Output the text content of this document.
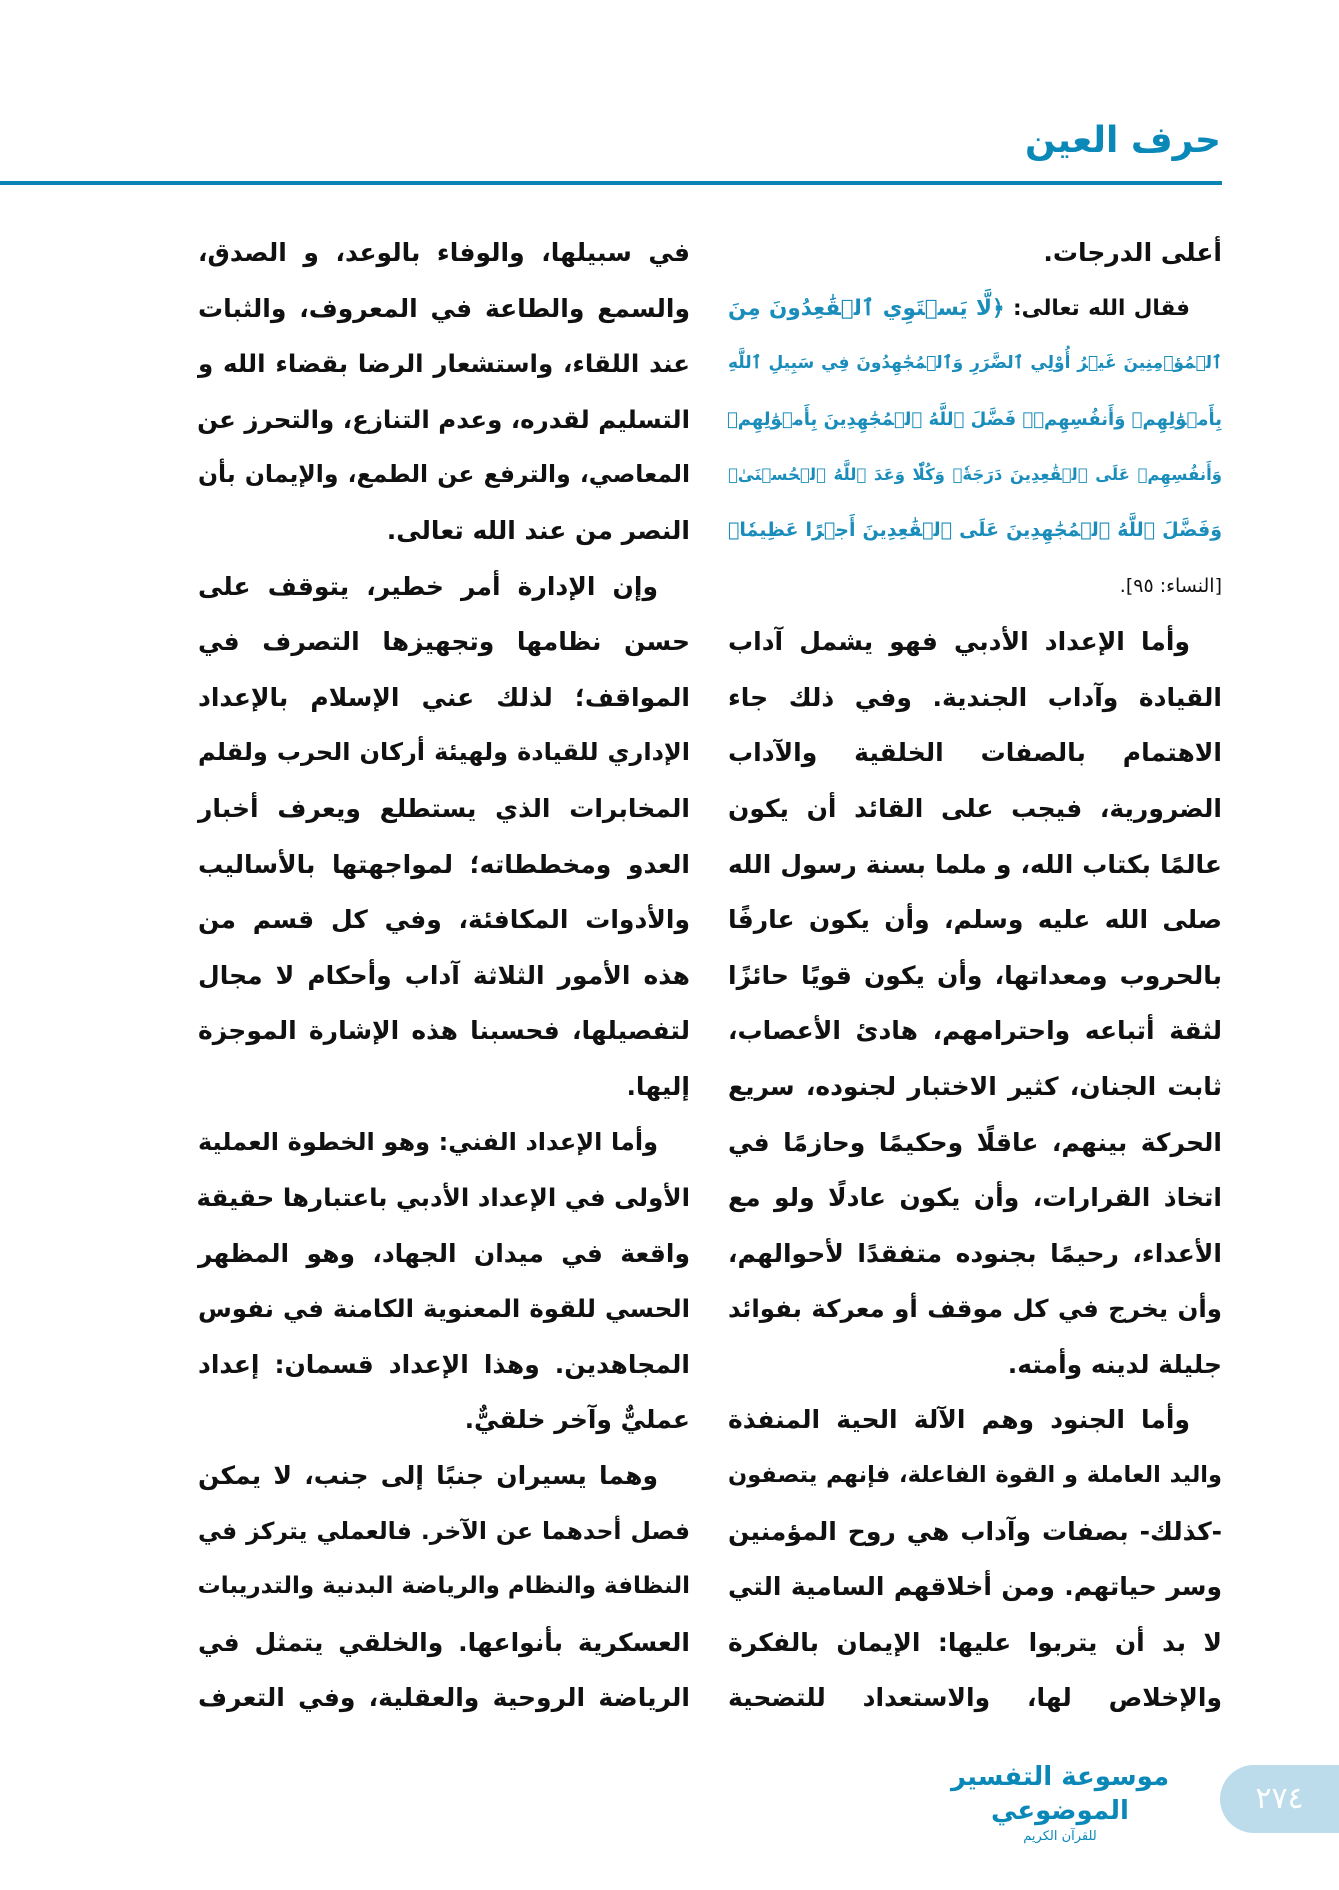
حرف العين
أعلى الدرجات.
فقال الله تعالى: ﴿لَّا يَسۡتَوِي ٱلۡقَٰعِدُونَ مِنَ
ٱلۡمُؤۡمِنِينَ غَيۡرُ أُوْلِي ٱلضَّرَرِ وَٱلۡمُجَٰهِدُونَ فِي سَبِيلِ ٱللَّهِ
بِأَمۡوَٰلِهِمۡ وَأَنفُسِهِمۡۚ فَضَّلَ ٱللَّهُ ٱلۡمُجَٰهِدِينَ بِأَمۡوَٰلِهِمۡ
وَأَنفُسِهِمۡ عَلَى ٱلۡقَٰعِدِينَ دَرَجَةٗۚ وَكُلّٗا وَعَدَ ٱللَّهُ ٱلۡحُسۡنَىٰۚ
وَفَضَّلَ ٱللَّهُ ٱلۡمُجَٰهِدِينَ عَلَى ٱلۡقَٰعِدِينَ أَجۡرًا عَظِيمٗا﴾
[النساء: ٩٥].
وأما الإعداد الأدبي فهو يشمل آداب
القيادة وآداب الجندية. وفي ذلك جاء
الاهتمام بالصفات الخلقية والآداب
الضرورية، فيجب على القائد أن يكون
عالمًا بكتاب الله، و ملما بسنة رسول الله
صلى الله عليه وسلم، وأن يكون عارفًا
بالحروب ومعداتها، وأن يكون قويًا حائزًا
لثقة أتباعه واحترامهم، هادئ الأعصاب،
ثابت الجنان، كثير الاختبار لجنوده، سريع
الحركة بينهم، عاقلًا وحكيمًا وحازمًا في
اتخاذ القرارات، وأن يكون عادلًا ولو مع
الأعداء، رحيمًا بجنوده متفقدًا لأحوالهم،
وأن يخرج في كل موقف أو معركة بفوائد
جليلة لدينه وأمته.
وأما الجنود وهم الآلة الحية المنفذة
واليد العاملة و القوة الفاعلة، فإنهم يتصفون
-كذلك- بصفات وآداب هي روح المؤمنين
وسر حياتهم. ومن أخلاقهم السامية التي
لا بد أن يتربوا عليها: الإيمان بالفكرة
والإخلاص لها، والاستعداد للتضحية
في سبيلها، والوفاء بالوعد، و الصدق،
والسمع والطاعة في المعروف، والثبات
عند اللقاء، واستشعار الرضا بقضاء الله و
التسليم لقدره، وعدم التنازع، والتحرز عن
المعاصي، والترفع عن الطمع، والإيمان بأن
النصر من عند الله تعالى.
وإن الإدارة أمر خطير، يتوقف على
حسن نظامها وتجهيزها التصرف في
المواقف؛ لذلك عني الإسلام بالإعداد
الإداري للقيادة ولهيئة أركان الحرب ولقلم
المخابرات الذي يستطلع ويعرف أخبار
العدو ومخططاته؛ لمواجهتها بالأساليب
والأدوات المكافئة، وفي كل قسم من
هذه الأمور الثلاثة آداب وأحكام لا مجال
لتفصيلها، فحسبنا هذه الإشارة الموجزة
إليها.
وأما الإعداد الفني: وهو الخطوة العملية
الأولى في الإعداد الأدبي باعتبارها حقيقة
واقعة في ميدان الجهاد، وهو المظهر
الحسي للقوة المعنوية الكامنة في نفوس
المجاهدين. وهذا الإعداد قسمان: إعداد
عمليٌّ وآخر خلقيٌّ.
وهما يسيران جنبًا إلى جنب، لا يمكن
فصل أحدهما عن الآخر. فالعملي يتركز في
النظافة والنظام والرياضة البدنية والتدريبات
العسكرية بأنواعها. والخلقي يتمثل في
الرياضة الروحية والعقلية، وفي التعرف
موسوعة التفسير الموضوعي
للقرآن الكريم
٢٧٤
